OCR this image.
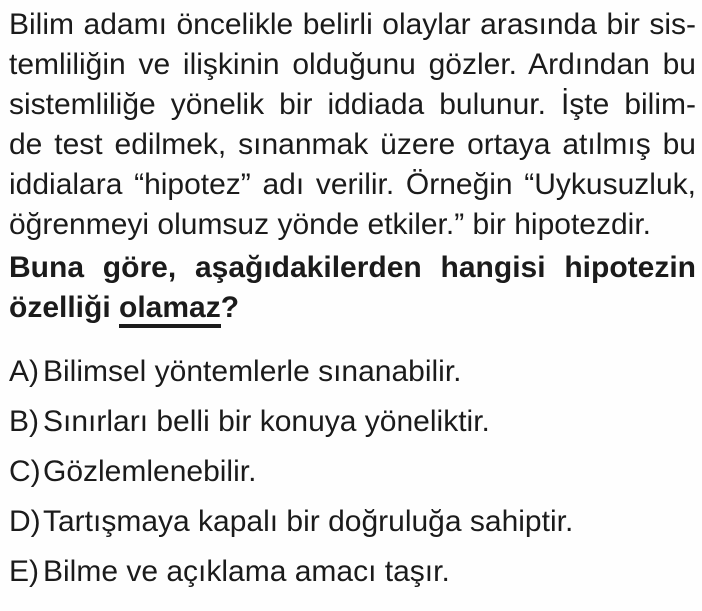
Bilim adamı öncelikle belirli olaylar arasında bir sis-
temliliğin ve ilişkinin olduğunu gözler. Ardından bu
sistemliliğe yönelik bir iddiada bulunur. İşte bilim-
de test edilmek, sınanmak üzere ortaya atılmış bu
iddialara “hipotez” adı verilir. Örneğin “Uykusuzluk,
öğrenmeyi olumsuz yönde etkiler.” bir hipotezdir.
Buna göre, aşağıdakilerden hangisi hipotezin
özelliği olamaz?
A) Bilimsel yöntemlerle sınanabilir.
B) Sınırları belli bir konuya yöneliktir.
C) Gözlemlenebilir.
D) Tartışmaya kapalı bir doğruluğa sahiptir.
E) Bilme ve açıklama amacı taşır.
